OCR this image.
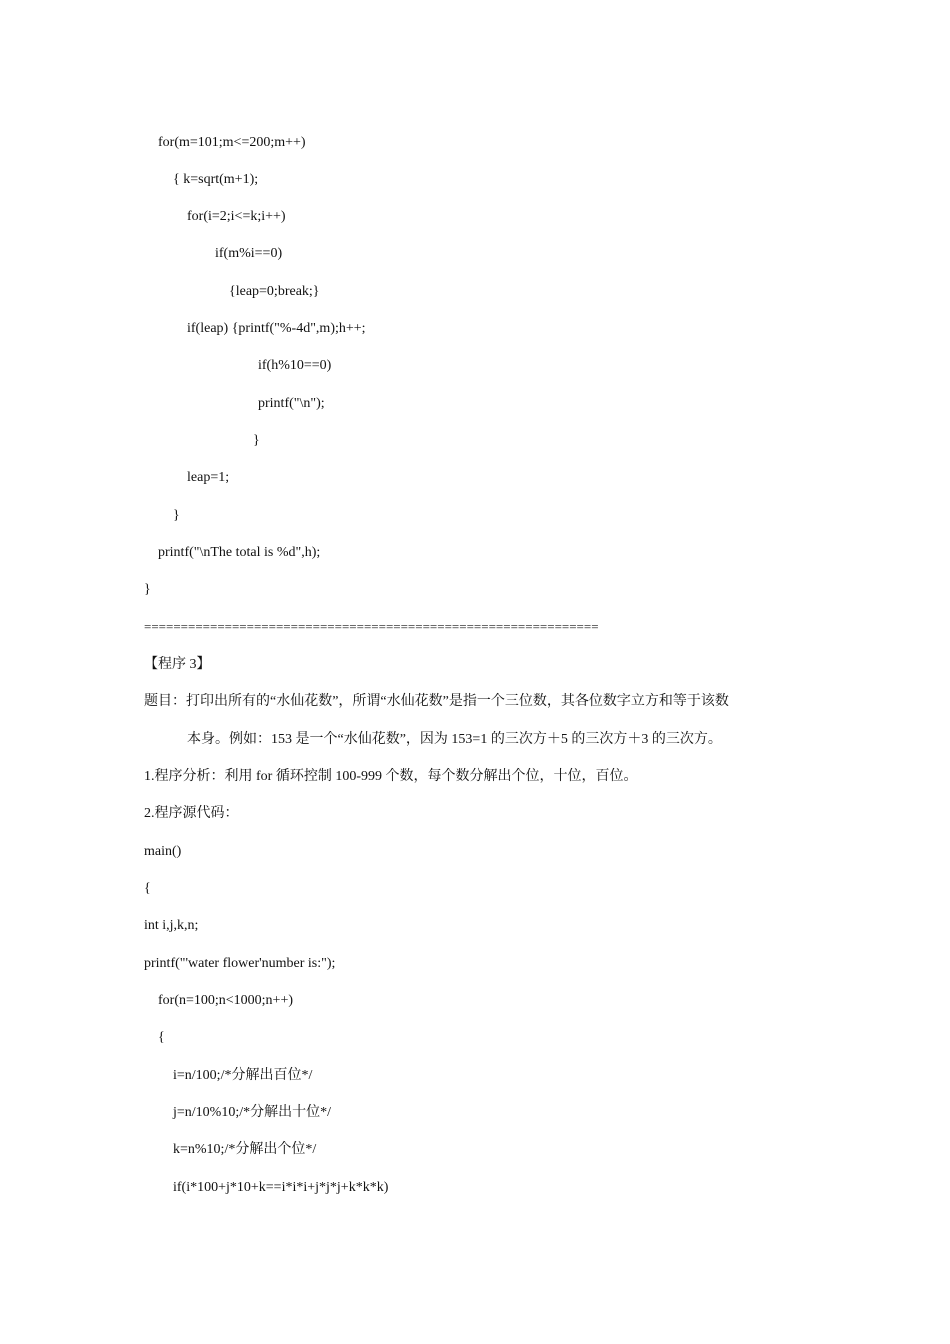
for(m=101;m<=200;m++)
{ k=sqrt(m+1);
for(i=2;i<=k;i++)
if(m%i==0)
{leap=0;break;}
if(leap) {printf("%-4d",m);h++;
if(h%10==0)
printf("\n");
}
leap=1;
}
printf("\nThe total is %d",h);
}
==============================================================
【程序 3】
题目：打印出所有的“水仙花数”，所谓“水仙花数”是指一个三位数，其各位数字立方和等于该数
本身。例如：153 是一个“水仙花数”，因为 153=1 的三次方＋5 的三次方＋3 的三次方。
1.程序分析：利用 for 循环控制 100-999 个数，每个数分解出个位，十位，百位。
2.程序源代码：
main()
{
int i,j,k,n;
printf("'water flower'number is:");
for(n=100;n<1000;n++)
{
i=n/100;/*分解出百位*/
j=n/10%10;/*分解出十位*/
k=n%10;/*分解出个位*/
if(i*100+j*10+k==i*i*i+j*j*j+k*k*k)
